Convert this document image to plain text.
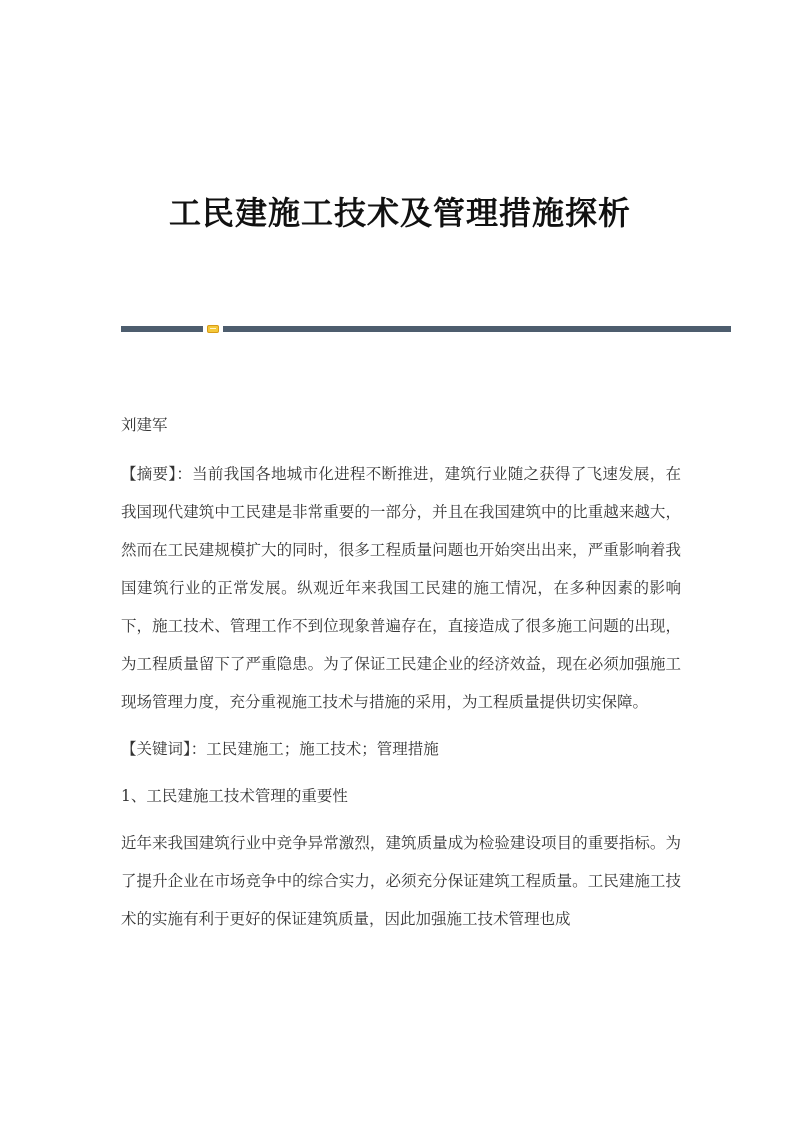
工民建施工技术及管理措施探析

刘建军

【摘要】：当前我国各地城市化进程不断推进，建筑行业随之获得了飞速发展，在我国现代建筑中工民建是非常重要的一部分，并且在我国建筑中的比重越来越大，然而在工民建规模扩大的同时，很多工程质量问题也开始突出出来，严重影响着我国建筑行业的正常发展。纵观近年来我国工民建的施工情况，在多种因素的影响下，施工技术、管理工作不到位现象普遍存在，直接造成了很多施工问题的出现，为工程质量留下了严重隐患。为了保证工民建企业的经济效益，现在必须加强施工现场管理力度，充分重视施工技术与措施的采用，为工程质量提供切实保障。

【关键词】：工民建施工；施工技术；管理措施

1、工民建施工技术管理的重要性

近年来我国建筑行业中竞争异常激烈，建筑质量成为检验建设项目的重要指标。为了提升企业在市场竞争中的综合实力，必须充分保证建筑工程质量。工民建施工技术的实施有利于更好的保证建筑质量，因此加强施工技术管理也成
